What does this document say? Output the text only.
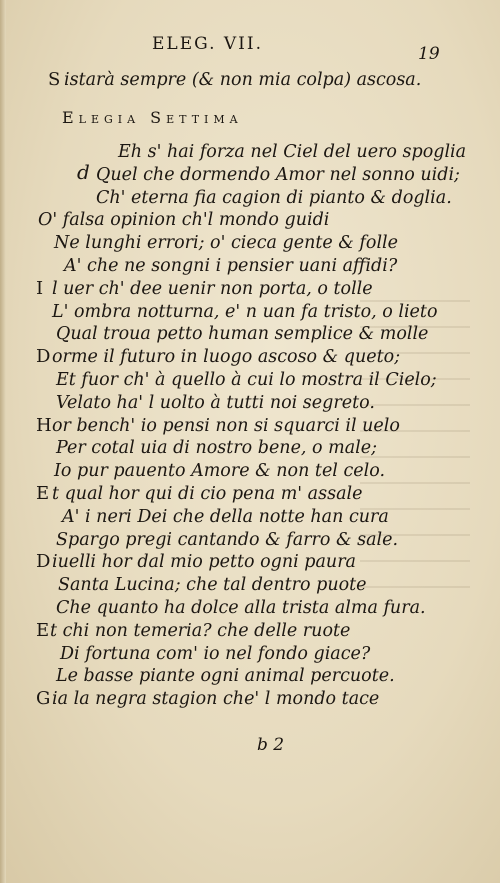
ELEG. VII.	19
S istarà sempre (& non mia colpa) ascosa.
Elegia Settima
d
Eh s' hai forza nel Ciel del uero spoglia
Quel che dormendo Amor nel sonno uidi;
Ch' eterna fia cagion di pianto & doglia.
O' falsa opinion ch'l mondo guidi
Ne lunghi errori; o' cieca gente & folle
A' che ne songni i pensier uani affidi?
I l uer ch' dee uenir non porta, o tolle
L' ombra notturna, e' n uan fa tristo, o lieto
Qual troua petto human semplice & molle
D orme il futuro in luogo ascoso & queto;
Et fuor ch' à quello à cui lo mostra il Cielo;
Velato ha' l uolto à tutti noi segreto.
H or bench' io pensi non si squarci il uelo
Per cotal uia di nostro bene, o male;
Io pur pauento Amore & non tel celo.
E t qual hor qui di cio pena m' assale
A' i neri Dei che della notte han cura
Spargo pregi cantando & farro & sale.
D iuelli hor dal mio petto ogni paura
Santa Lucina; che tal dentro puote
Che quanto ha dolce alla trista alma fura.
E t chi non temeria? che delle ruote
Di fortuna com' io nel fondo giace?
Le basse piante ogni animal percuote.
G ia la negra stagion che' l mondo tace
b 2
